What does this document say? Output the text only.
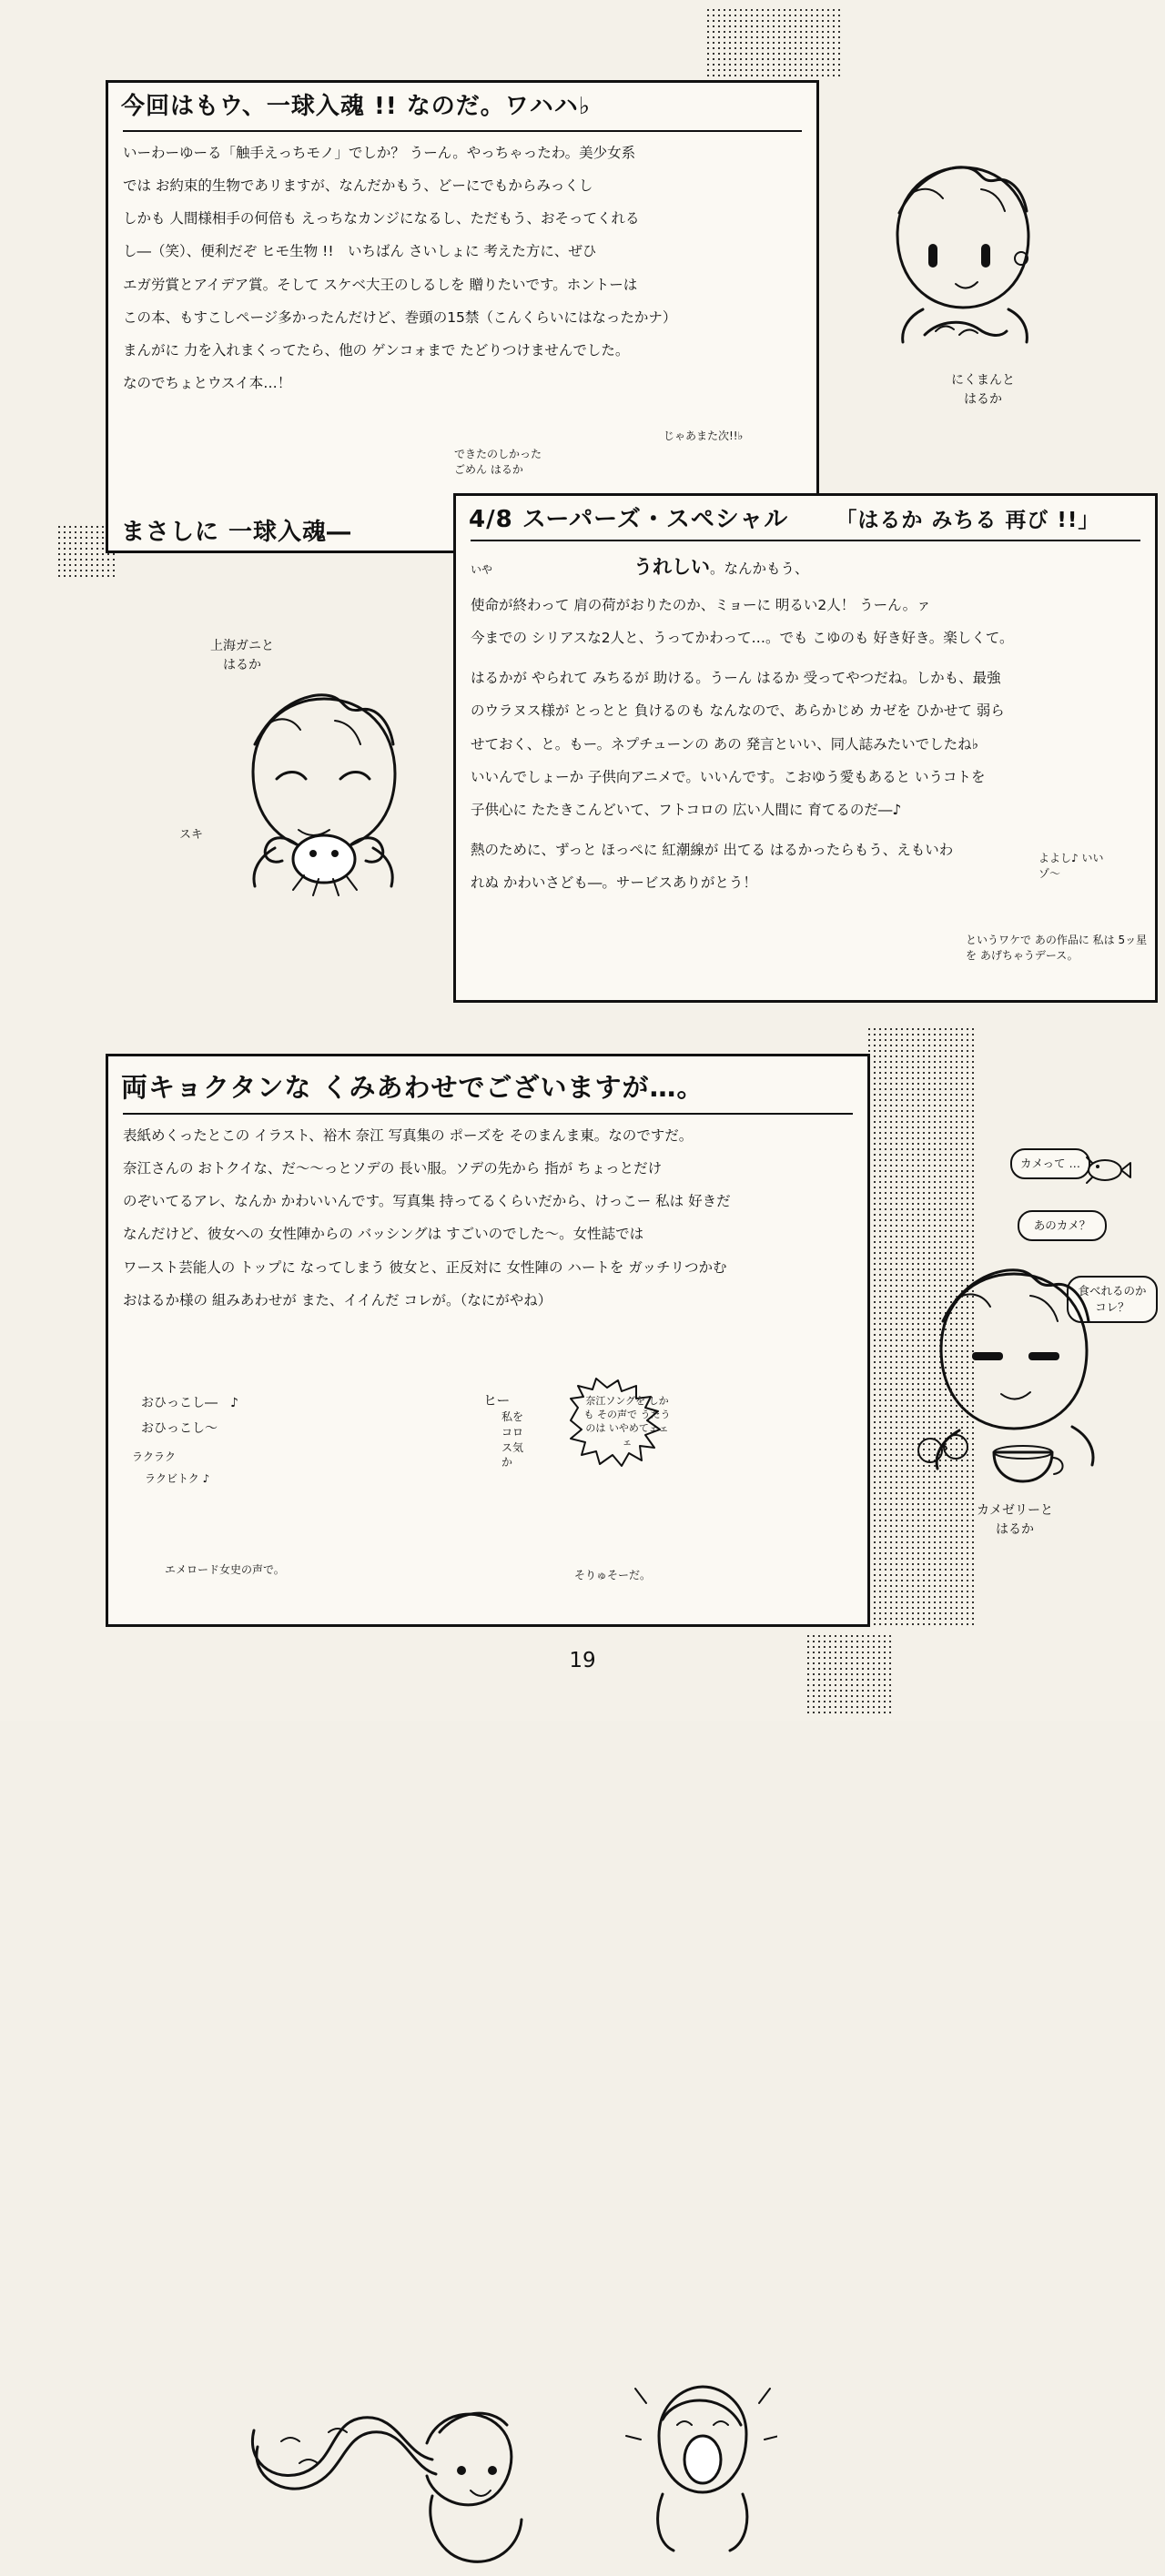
今回はもウ、一球入魂 !! なのだ。ワハハ♭

いーわーゆーる「触手えっちモノ」でしか？ うーん。やっちゃったわ。美少女系

では お約束的生物であリますが、なんだかもう、どーにでもからみっくし

しかも 人間様相手の何倍も えっちなカンジになるし、ただもう、おそってくれる

し―（笑）、便利だぞ ヒモ生物 !!　いちばん さいしょに 考えた方に、ぜひ

エガ労賞とアイデア賞。そして スケベ大王のしるしを 贈りたいです。ホントーは

この本、もすこしページ多かったんだけど、巻頭の15禁（こんくらいにはなったかナ）

まんがに 力を入れまくってたら、他の ゲンコォまで たどりつけませんでした。

なのでちょとウスイ本…！

できたのしかった ごめん はるか
じゃあまた次!!♭
まさしに 一球入魂―	4/8 スーパーズ・スペシャル	「はるか みちる 再び !!」

いや	うれしい。なんかもう、

使命が終わって 肩の荷がおりたのか、ミョーに 明るい2人！ うーん。ァ

今までの シリアスな2人と、うってかわって…。でも こゆのも 好き好き。楽しくて。

はるかが やられて みちるが 助ける。うーん はるか 受ってやつだね。しかも、最強

のウラヌス様が とっとと 負けるのも なんなので、あらかじめ カゼを ひかせて 弱ら

せておく、と。もー。ネプチューンの あの 発言といい、同人誌みたいでしたね♭

いいんでしょーか 子供向アニメで。いいんです。こおゆう愛もあると いうコトを

子供心に たたきこんどいて、フトコロの 広い人間に 育てるのだ―♪

熱のために、ずっと ほっぺに 紅潮線が 出てる はるかったらもう、えもいわ

れぬ かわいさども―。サービスありがとう！

よよし♪ いいゾ～
というワケで あの作品に 私は 5ッ星を あげちゃうデース。
両キョクタンな くみあわせでございますが…。

表紙めくったとこの イラスト、裕木 奈江 写真集の ポーズを そのまんま東。なのですだ。

奈江さんの おトクイな、だ～～っとソデの 長い服。ソデの先から 指が ちょっとだけ

のぞいてるアレ、なんか かわいいんです。写真集 持ってるくらいだから、けっこー 私は 好きだ

なんだけど、彼女への 女性陣からの バッシングは すごいのでした～。女性誌では

ワースト芸能人の トップに なってしまう 彼女と、正反対に 女性陣の ハートを ガッチリつかむ

おはるか様の 組みあわせが また、イイんだ コレが。（なにがやね）

おひっこし―　♪
おひっこし～
ラクラク
ラクビトク ♪
エメロード女史の声で。
ヒー
私を コロス気 か
奈江ソングを しかも その声で うたうのは いやめてェェェ
そりゅそーだ。
にくまんと
はるか
上海ガニと
はるか
スキ
カメって …
あのカメ？
食べれるのか コレ？
カメゼリーと
はるか
19
